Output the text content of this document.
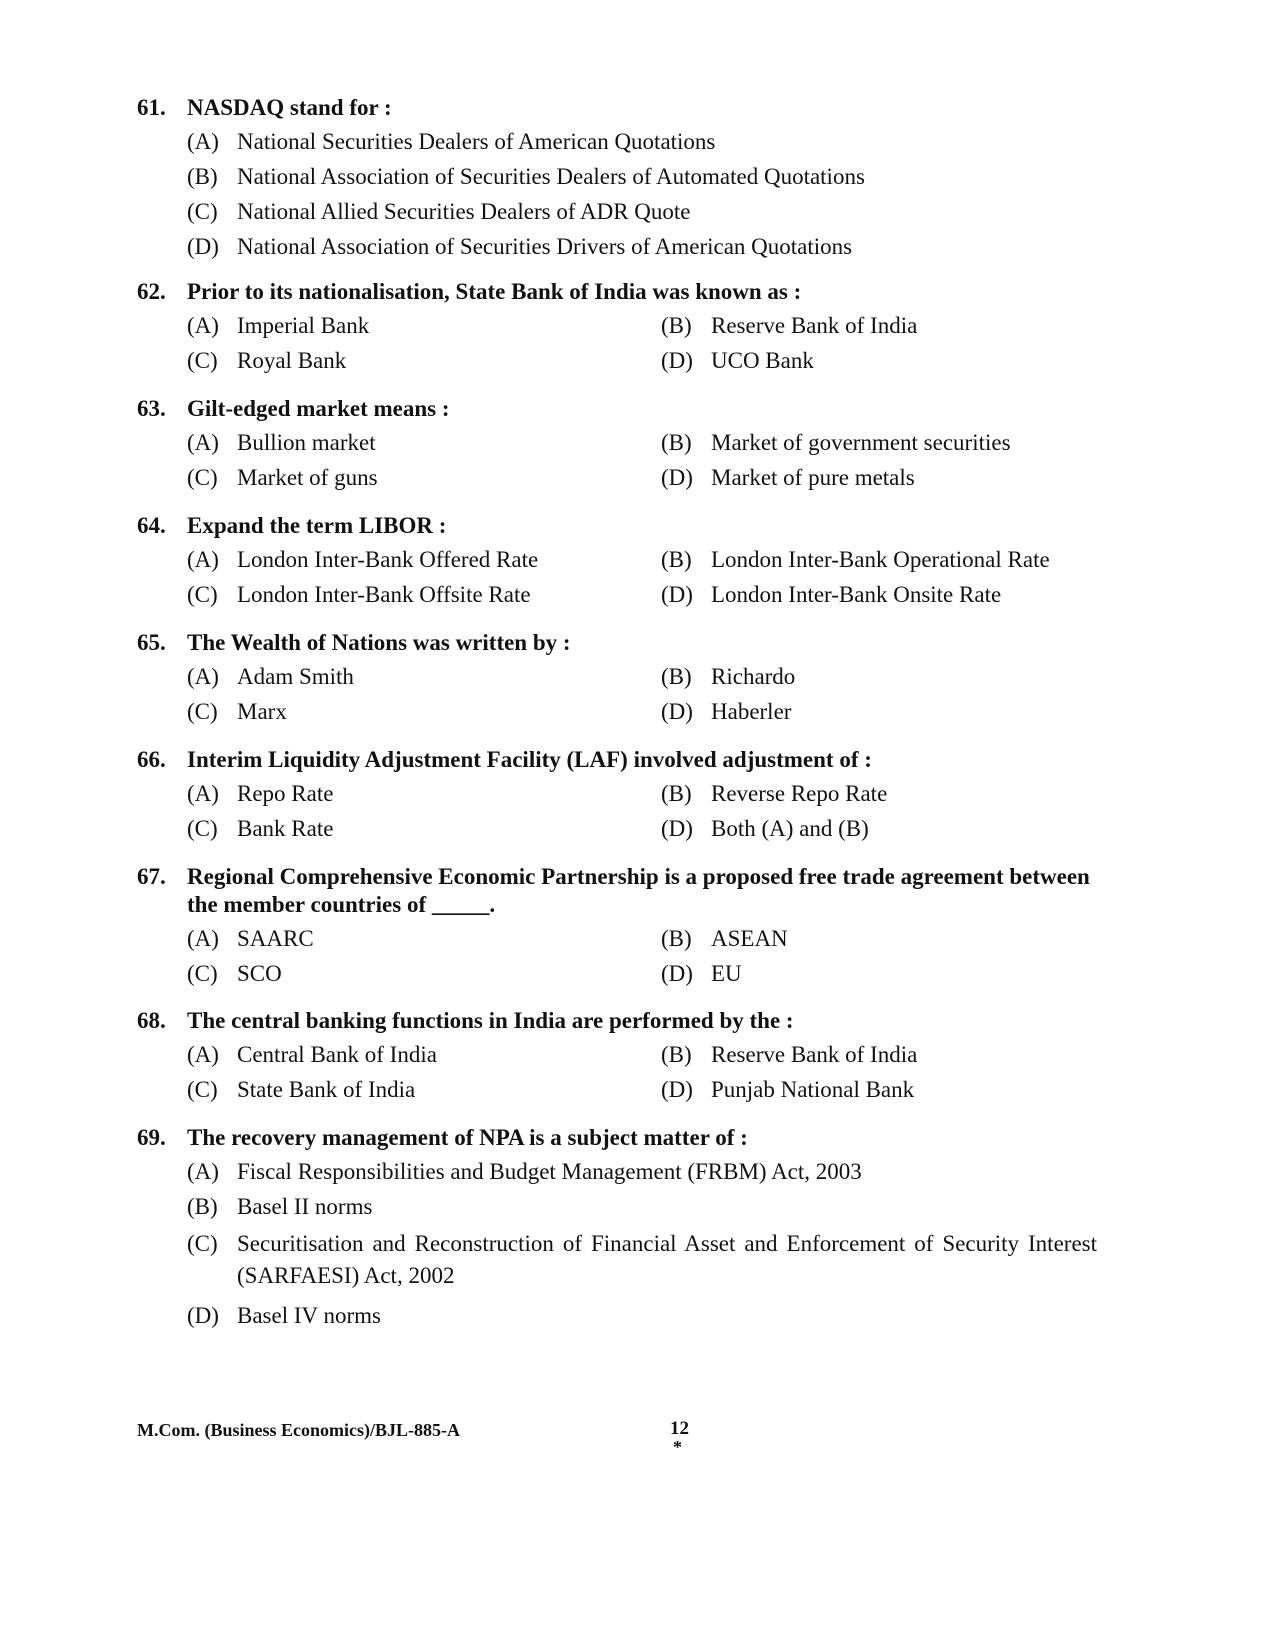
61. NASDAQ stand for :
(A) National Securities Dealers of American Quotations
(B) National Association of Securities Dealers of Automated Quotations
(C) National Allied Securities Dealers of ADR Quote
(D) National Association of Securities Drivers of American Quotations
62. Prior to its nationalisation, State Bank of India was known as :
(A) Imperial Bank	(B) Reserve Bank of India
(C) Royal Bank	(D) UCO Bank
63. Gilt-edged market means :
(A) Bullion market	(B) Market of government securities
(C) Market of guns	(D) Market of pure metals
64. Expand the term LIBOR :
(A) London Inter-Bank Offered Rate	(B) London Inter-Bank Operational Rate
(C) London Inter-Bank Offsite Rate	(D) London Inter-Bank Onsite Rate
65. The Wealth of Nations was written by :
(A) Adam Smith	(B) Richardo
(C) Marx	(D) Haberler
66. Interim Liquidity Adjustment Facility (LAF) involved adjustment of :
(A) Repo Rate	(B) Reverse Repo Rate
(C) Bank Rate	(D) Both (A) and (B)
67. Regional Comprehensive Economic Partnership is a proposed free trade agreement between the member countries of _____.
(A) SAARC	(B) ASEAN
(C) SCO	(D) EU
68. The central banking functions in India are performed by the :
(A) Central Bank of India	(B) Reserve Bank of India
(C) State Bank of India	(D) Punjab National Bank
69. The recovery management of NPA is a subject matter of :
(A) Fiscal Responsibilities and Budget Management (FRBM) Act, 2003
(B) Basel II norms
(C) Securitisation and Reconstruction of Financial Asset and Enforcement of Security Interest (SARFAESI) Act, 2002
(D) Basel IV norms
M.Com. (Business Economics)/BJL-885-A	12
*
